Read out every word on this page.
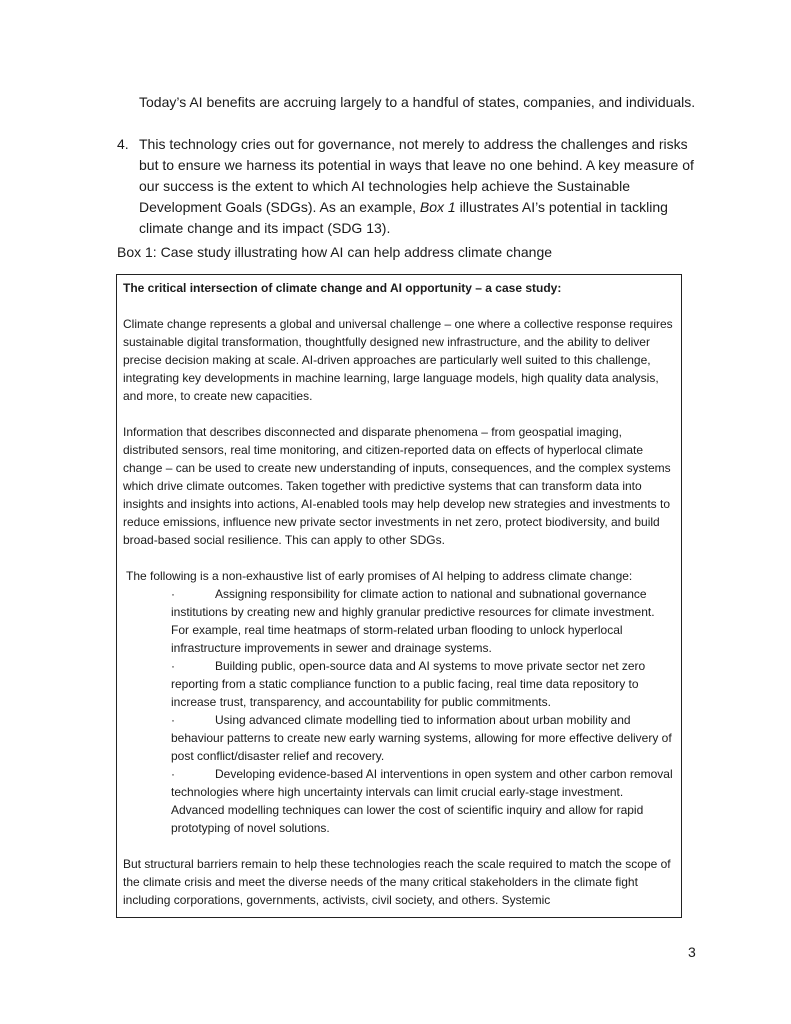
Today’s AI benefits are accruing largely to a handful of states, companies, and individuals.

4. This technology cries out for governance, not merely to address the challenges and risks but to ensure we harness its potential in ways that leave no one behind. A key measure of our success is the extent to which AI technologies help achieve the Sustainable Development Goals (SDGs). As an example, Box 1 illustrates AI’s potential in tackling climate change and its impact (SDG 13).

Box 1: Case study illustrating how AI can help address climate change

The critical intersection of climate change and AI opportunity – a case study:

Climate change represents a global and universal challenge – one where a collective response requires sustainable digital transformation, thoughtfully designed new infrastructure, and the ability to deliver precise decision making at scale. AI-driven approaches are particularly well suited to this challenge, integrating key developments in machine learning, large language models, high quality data analysis, and more, to create new capacities.

Information that describes disconnected and disparate phenomena – from geospatial imaging, distributed sensors, real time monitoring, and citizen-reported data on effects of hyperlocal climate change – can be used to create new understanding of inputs, consequences, and the complex systems which drive climate outcomes. Taken together with predictive systems that can transform data into insights and insights into actions, AI-enabled tools may help develop new strategies and investments to reduce emissions, influence new private sector investments in net zero, protect biodiversity, and build broad-based social resilience. This can apply to other SDGs.

The following is a non-exhaustive list of early promises of AI helping to address climate change:
·	Assigning responsibility for climate action to national and subnational governance institutions by creating new and highly granular predictive resources for climate investment. For example, real time heatmaps of storm-related urban flooding to unlock hyperlocal infrastructure improvements in sewer and drainage systems.
·	Building public, open-source data and AI systems to move private sector net zero reporting from a static compliance function to a public facing, real time data repository to increase trust, transparency, and accountability for public commitments.
·	Using advanced climate modelling tied to information about urban mobility and behaviour patterns to create new early warning systems, allowing for more effective delivery of post conflict/disaster relief and recovery.
·	Developing evidence-based AI interventions in open system and other carbon removal technologies where high uncertainty intervals can limit crucial early-stage investment. Advanced modelling techniques can lower the cost of scientific inquiry and allow for rapid prototyping of novel solutions.

But structural barriers remain to help these technologies reach the scale required to match the scope of the climate crisis and meet the diverse needs of the many critical stakeholders in the climate fight including corporations, governments, activists, civil society, and others. Systemic

3
